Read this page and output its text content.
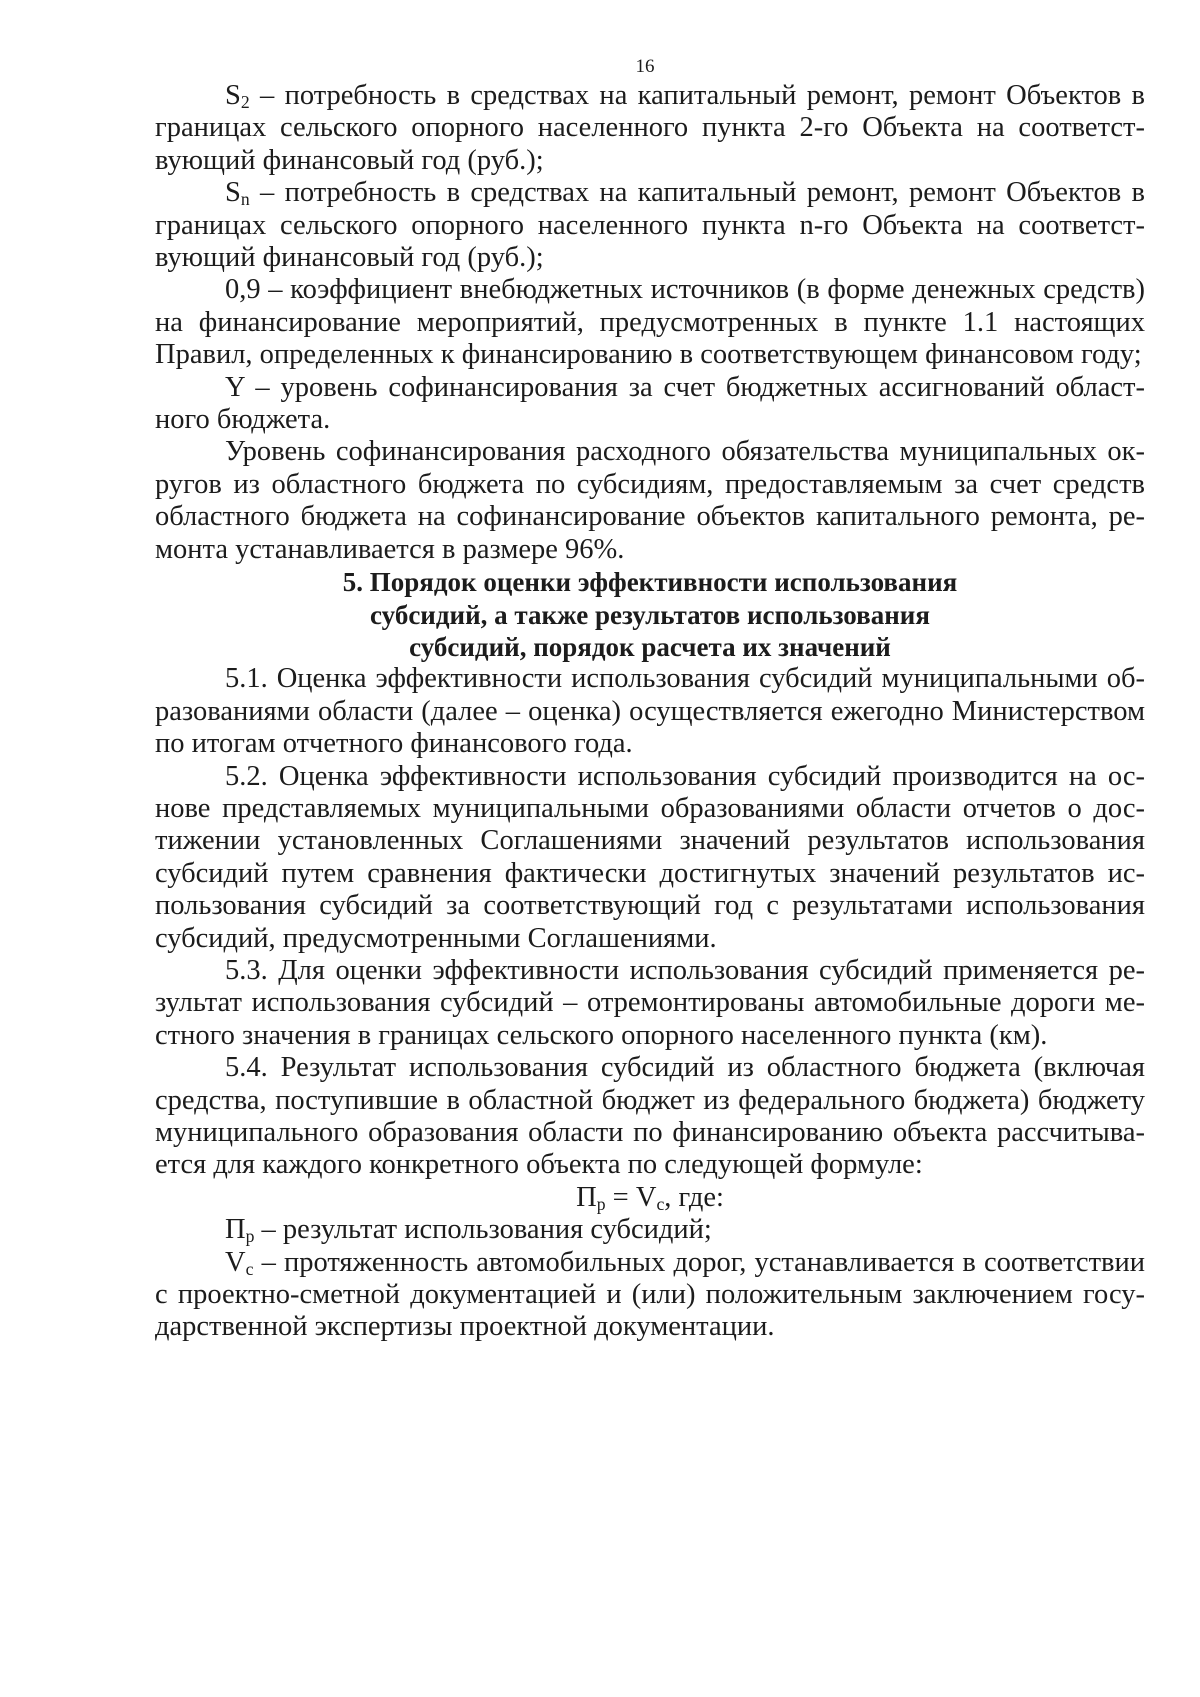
16

$S_2$ – потребность в средствах на капитальный ремонт, ремонт Объектов в границах сельского опорного населенного пункта 2-го Объекта на соответствующий финансовый год (руб.);

$S_n$ – потребность в средствах на капитальный ремонт, ремонт Объектов в границах сельского опорного населенного пункта n-го Объекта на соответствующий финансовый год (руб.);

0,9 – коэффициент внебюджетных источников (в форме денежных средств) на финансирование мероприятий, предусмотренных в пункте 1.1 настоящих Правил, определенных к финансированию в соответствующем финансовом году;

Y – уровень софинансирования за счет бюджетных ассигнований областного бюджета.

Уровень софинансирования расходного обязательства муниципальных округов из областного бюджета по субсидиям, предоставляемым за счет средств областного бюджета на софинансирование объектов капитального ремонта, ремонта устанавливается в размере 96%.

5. Порядок оценки эффективности использования
субсидий, а также результатов использования
субсидий, порядок расчета их значений

5.1. Оценка эффективности использования субсидий муниципальными образованиями области (далее – оценка) осуществляется ежегодно Министерством по итогам отчетного финансового года.

5.2. Оценка эффективности использования субсидий производится на основе представляемых муниципальными образованиями области отчетов о достижении установленных Соглашениями значений результатов использования субсидий путем сравнения фактически достигнутых значений результатов использования субсидий за соответствующий год с результатами использования субсидий, предусмотренными Соглашениями.

5.3. Для оценки эффективности использования субсидий применяется результат использования субсидий – отремонтированы автомобильные дороги местного значения в границах сельского опорного населенного пункта (км).

5.4. Результат использования субсидий из областного бюджета (включая средства, поступившие в областной бюджет из федерального бюджета) бюджету муниципального образования области по финансированию объекта рассчитывается для каждого конкретного объекта по следующей формуле:

$П_р = V_с$, где:

$П_р$ – результат использования субсидий;

$V_с$ – протяженность автомобильных дорог, устанавливается в соответствии с проектно-сметной документацией и (или) положительным заключением государственной экспертизы проектной документации.
